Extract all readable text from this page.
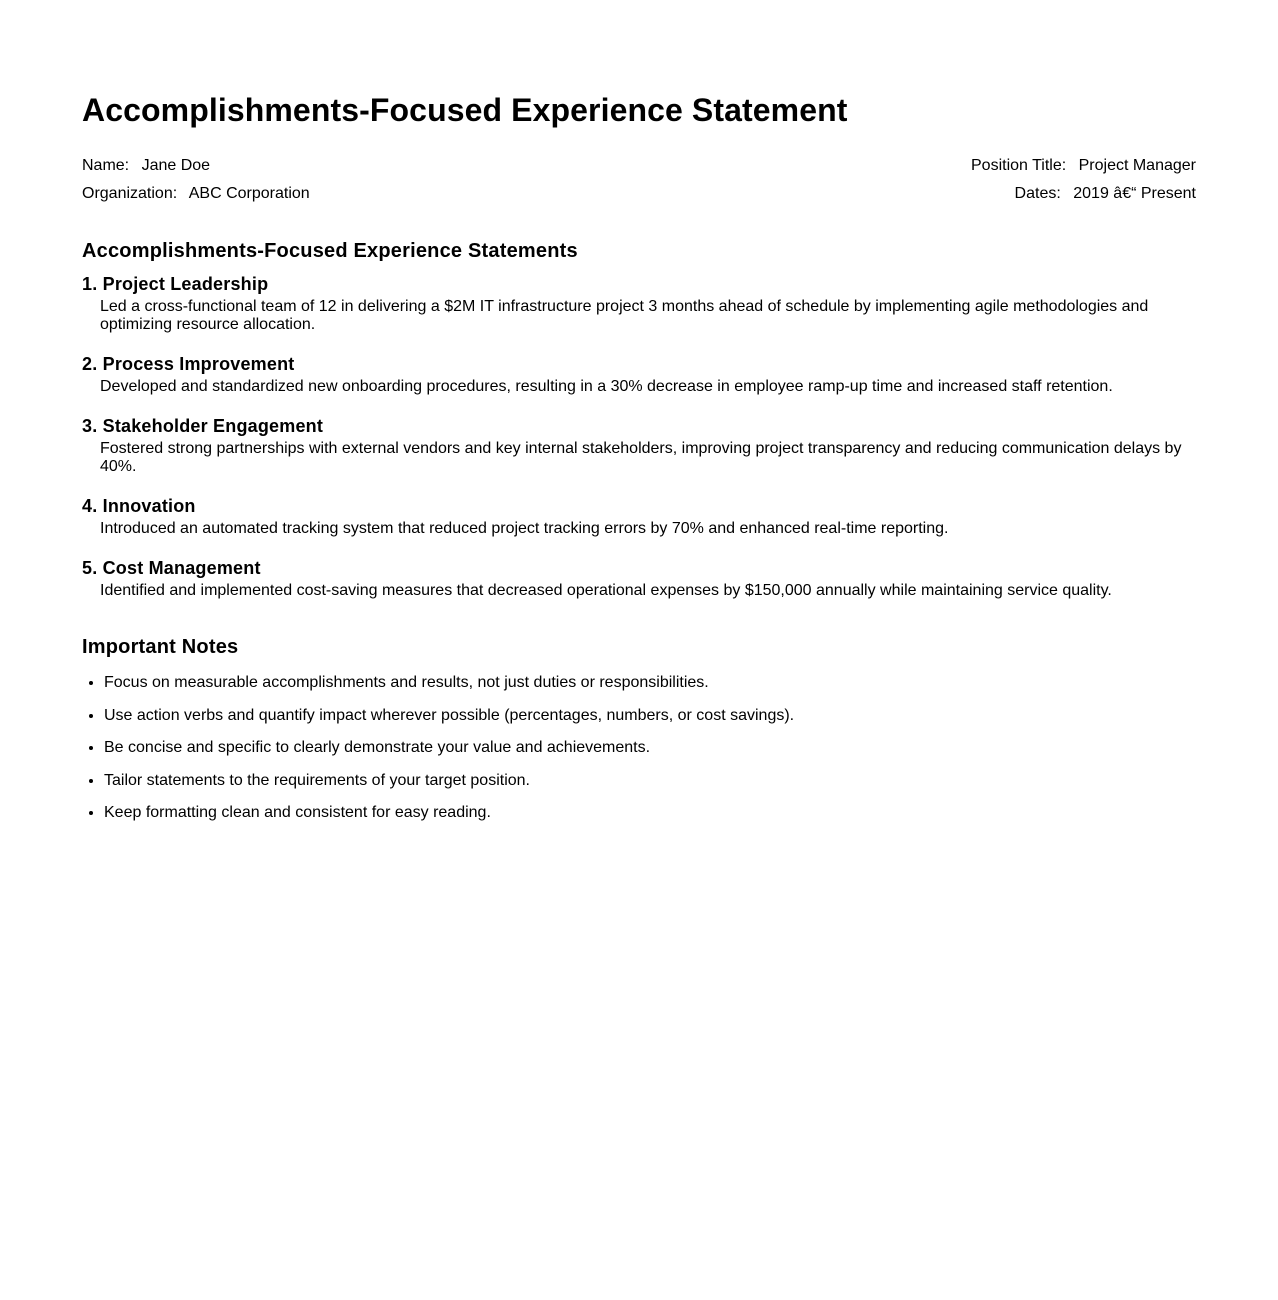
Accomplishments-Focused Experience Statement
Name: Jane Doe
Organization: ABC Corporation
Position Title: Project Manager
Dates: 2019 â€“ Present
Accomplishments-Focused Experience Statements
1. Project Leadership

Led a cross-functional team of 12 in delivering a $2M IT infrastructure project 3 months ahead of schedule by implementing agile methodologies and optimizing resource allocation.

2. Process Improvement

Developed and standardized new onboarding procedures, resulting in a 30% decrease in employee ramp-up time and increased staff retention.

3. Stakeholder Engagement

Fostered strong partnerships with external vendors and key internal stakeholders, improving project transparency and reducing communication delays by 40%.

4. Innovation

Introduced an automated tracking system that reduced project tracking errors by 70% and enhanced real-time reporting.

5. Cost Management

Identified and implemented cost-saving measures that decreased operational expenses by $150,000 annually while maintaining service quality.

Important Notes
• Focus on measurable accomplishments and results, not just duties or responsibilities.
• Use action verbs and quantify impact wherever possible (percentages, numbers, or cost savings).
• Be concise and specific to clearly demonstrate your value and achievements.
• Tailor statements to the requirements of your target position.
• Keep formatting clean and consistent for easy reading.
